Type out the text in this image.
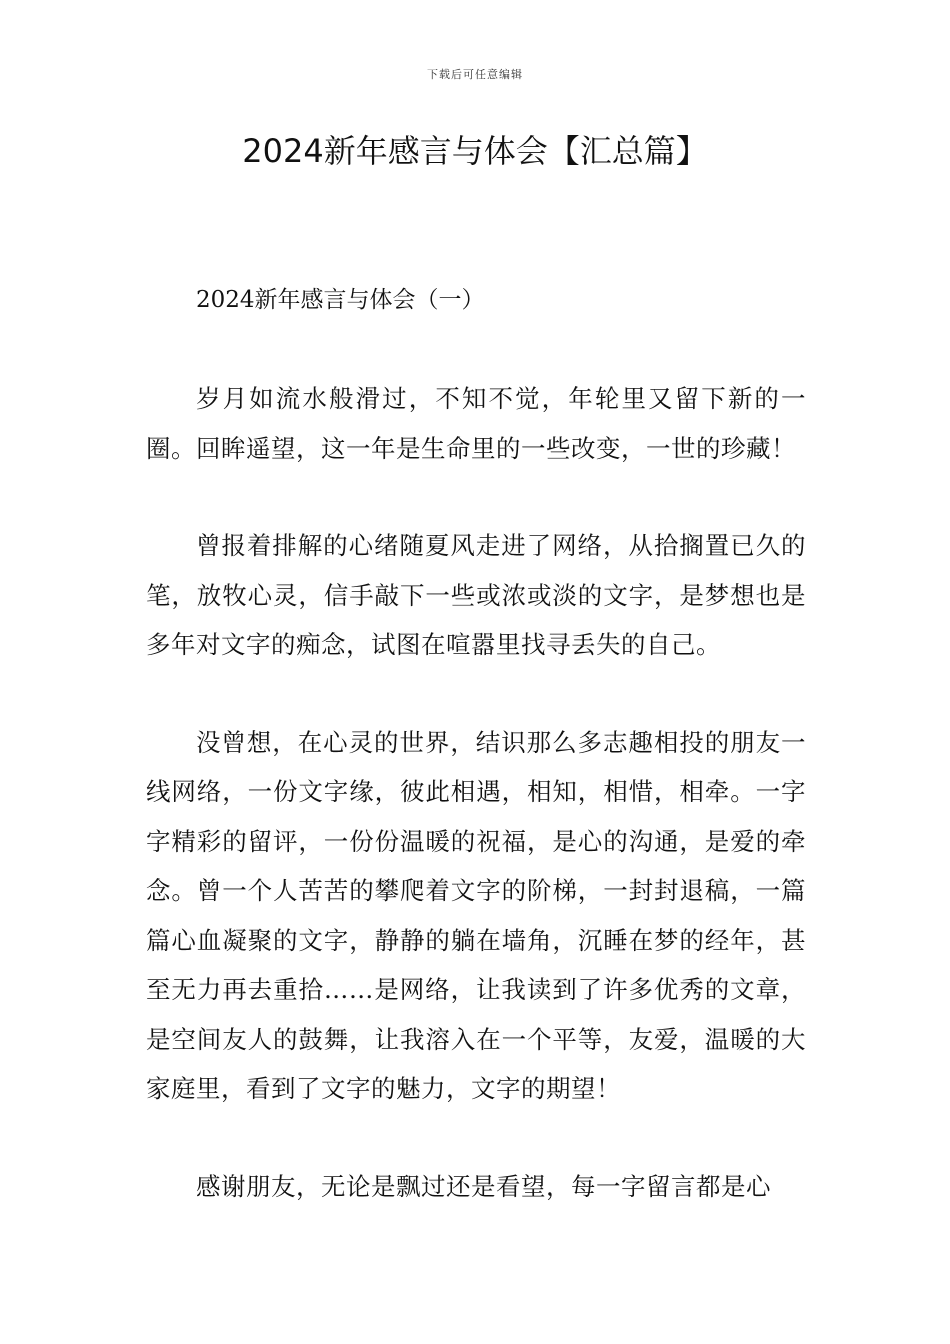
下载后可任意编辑
2024新年感言与体会【汇总篇】

2024新年感言与体会（一）

岁月如流水般滑过，不知不觉，年轮里又留下新的一圈。回眸遥望，这一年是生命里的一些改变，一世的珍藏！

曾报着排解的心绪随夏风走进了网络，从拾搁置已久的笔，放牧心灵，信手敲下一些或浓或淡的文字，是梦想也是多年对文字的痴念，试图在喧嚣里找寻丢失的自己。

没曾想，在心灵的世界，结识那么多志趣相投的朋友一线网络，一份文字缘，彼此相遇，相知，相惜，相牵。一字字精彩的留评，一份份温暖的祝福，是心的沟通，是爱的牵念。曾一个人苦苦的攀爬着文字的阶梯，一封封退稿，一篇篇心血凝聚的文字，静静的躺在墙角，沉睡在梦的经年，甚至无力再去重拾……是网络，让我读到了许多优秀的文章，是空间友人的鼓舞，让我溶入在一个平等，友爱，温暖的大家庭里，看到了文字的魅力，文字的期望！

感谢朋友，无论是飘过还是看望，每一字留言都是心
